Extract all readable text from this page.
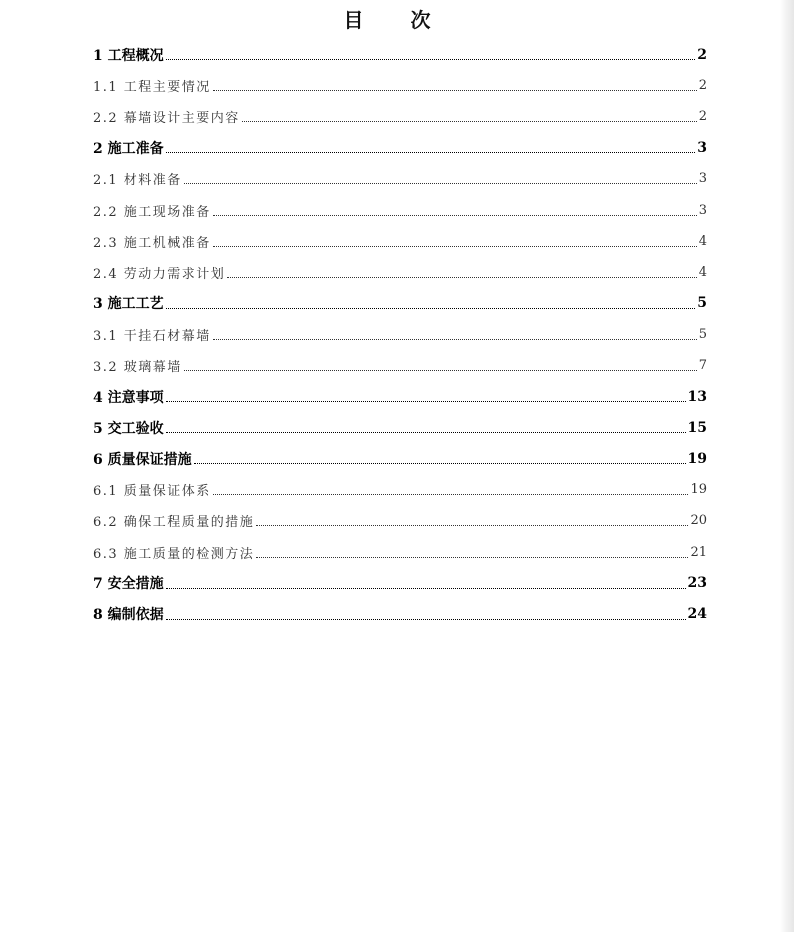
目 次
1 工程概况	2
1.1 工程主要情况	2
2.2 幕墙设计主要内容	2
2 施工准备	3
2.1 材料准备	3
2.2 施工现场准备	3
2.3 施工机械准备	4
2.4 劳动力需求计划	4
3 施工工艺	5
3.1 干挂石材幕墙	5
3.2 玻璃幕墙	7
4 注意事项	13
5 交工验收	15
6 质量保证措施	19
6.1 质量保证体系	19
6.2 确保工程质量的措施	20
6.3 施工质量的检测方法	21
7 安全措施	23
8 编制依据	24
